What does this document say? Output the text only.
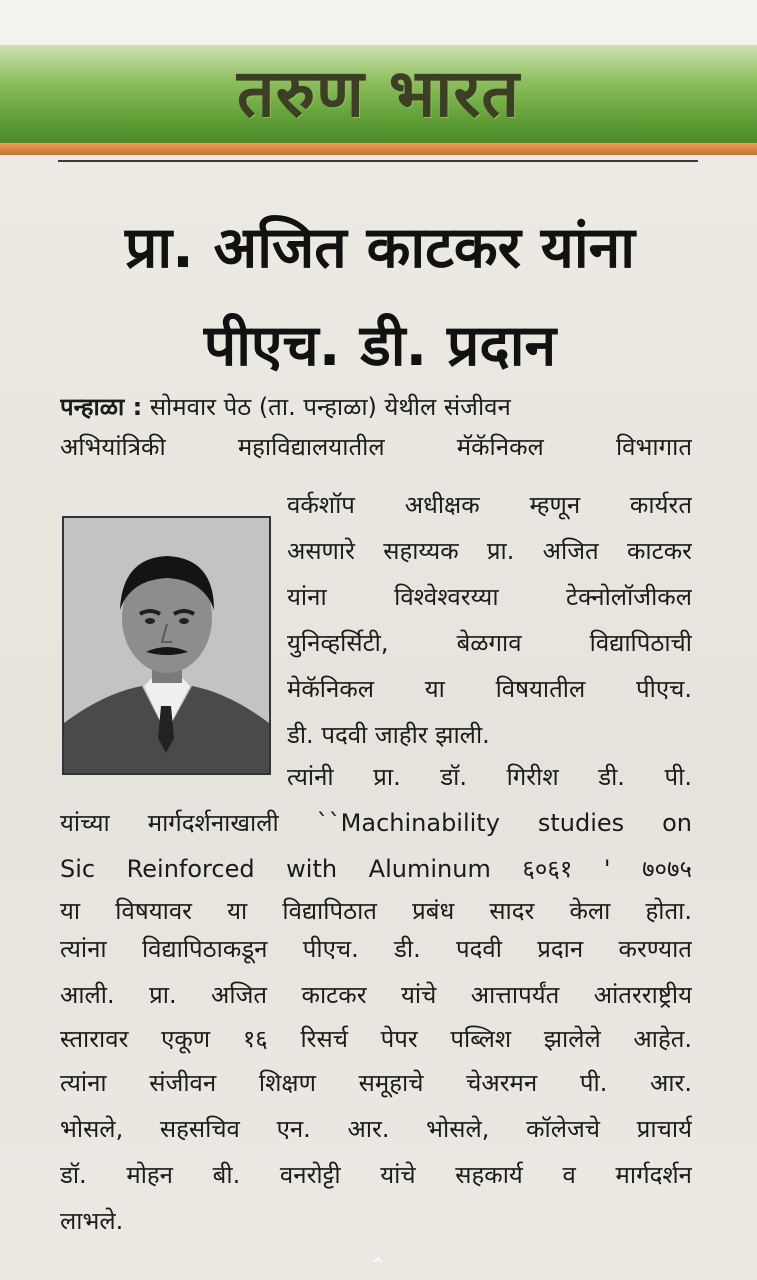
तरुण भारत
प्रा. अजित काटकर यांना
पीएच. डी. प्रदान
पन्हाळा : सोमवार पेठ (ता. पन्हाळा) येथील संजीवन
अभियांत्रिकी महाविद्यालयातील मॅकॅनिकल विभागात
वर्कशॉप अधीक्षक म्हणून कार्यरत
असणारे सहाय्यक प्रा. अजित काटकर
यांना विश्वेश्वरय्या टेक्नोलॉजीकल
युनिव्हर्सिटी, बेळगाव विद्यापिठाची
मेकॅनिकल या विषयातील पीएच.
डी. पदवी जाहीर झाली.
त्यांनी प्रा. डॉ. गिरीश डी. पी.
यांच्या मार्गदर्शनाखाली ``Machinability studies on
Sic Reinforced with Aluminum ६०६१ ' ७०७५
या विषयावर या विद्यापिठात प्रबंध सादर केला होता.
त्यांना विद्यापिठाकडून पीएच. डी. पदवी प्रदान करण्यात
आली. प्रा. अजित काटकर यांचे आत्तापर्यंत आंतरराष्ट्रीय
स्तारावर एकूण १६ रिसर्च पेपर पब्लिश झालेले आहेत.
त्यांना संजीवन शिक्षण समूहाचे चेअरमन पी. आर.
भोसले, सहसचिव एन. आर. भोसले, कॉलेजचे प्राचार्य
डॉ. मोहन बी. वनरोट्टी यांचे सहकार्य व मार्गदर्शन
लाभले.
⌃
